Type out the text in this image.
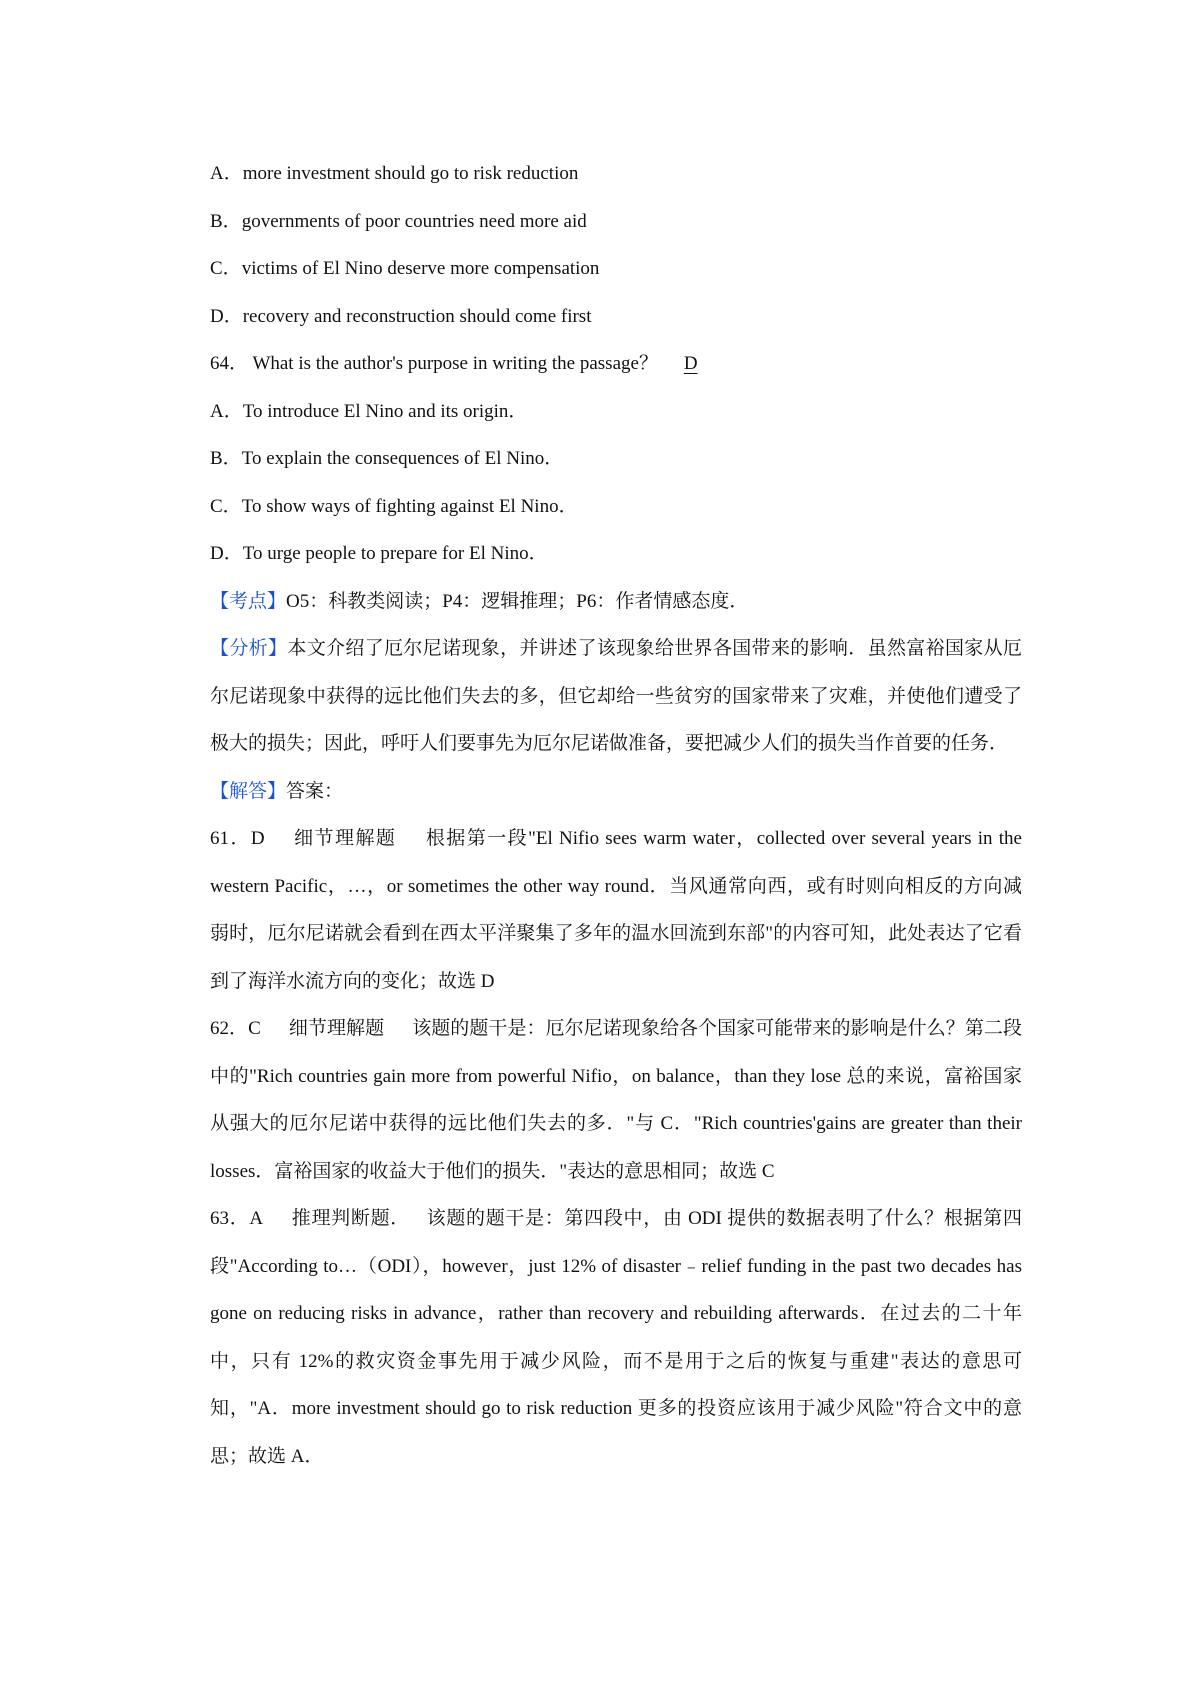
A．more investment should go to risk reduction
B．governments of poor countries need more aid
C．victims of El Nino deserve more compensation
D．recovery and reconstruction should come first
64． What is the author's purpose in writing the passage？ D
A．To introduce El Nino and its origin．
B．To explain the consequences of El Nino．
C．To show ways of fighting against El Nino．
D．To urge people to prepare for El Nino．
【考点】O5：科教类阅读；P4：逻辑推理；P6：作者情感态度．
【分析】本文介绍了厄尔尼诺现象，并讲述了该现象给世界各国带来的影响．虽然富裕国家从厄尔尼诺现象中获得的远比他们失去的多，但它却给一些贫穷的国家带来了灾难，并使他们遭受了极大的损失；因此，呼吁人们要事先为厄尔尼诺做准备，要把减少人们的损失当作首要的任务．
【解答】答案：
61．D 细节理解题 根据第一段"El Nifio sees warm water，collected over several years in the western Pacific，…，or sometimes the other way round．当风通常向西，或有时则向相反的方向减弱时，厄尔尼诺就会看到在西太平洋聚集了多年的温水回流到东部"的内容可知，此处表达了它看到了海洋水流方向的变化；故选 D
62．C 细节理解题 该题的题干是：厄尔尼诺现象给各个国家可能带来的影响是什么？第二段中的"Rich countries gain more from powerful Nifio，on balance，than they lose 总的来说，富裕国家从强大的厄尔尼诺中获得的远比他们失去的多．"与 C．"Rich countries'gains are greater than their losses．富裕国家的收益大于他们的损失．"表达的意思相同；故选 C
63．A 推理判断题． 该题的题干是：第四段中，由 ODI 提供的数据表明了什么？根据第四段"According to…（ODI），however，just 12% of disaster﹣relief funding in the past two decades has gone on reducing risks in advance，rather than recovery and rebuilding afterwards．在过去的二十年中，只有 12%的救灾资金事先用于减少风险，而不是用于之后的恢复与重建"表达的意思可知，"A．more investment should go to risk reduction 更多的投资应该用于减少风险"符合文中的意思；故选 A．
